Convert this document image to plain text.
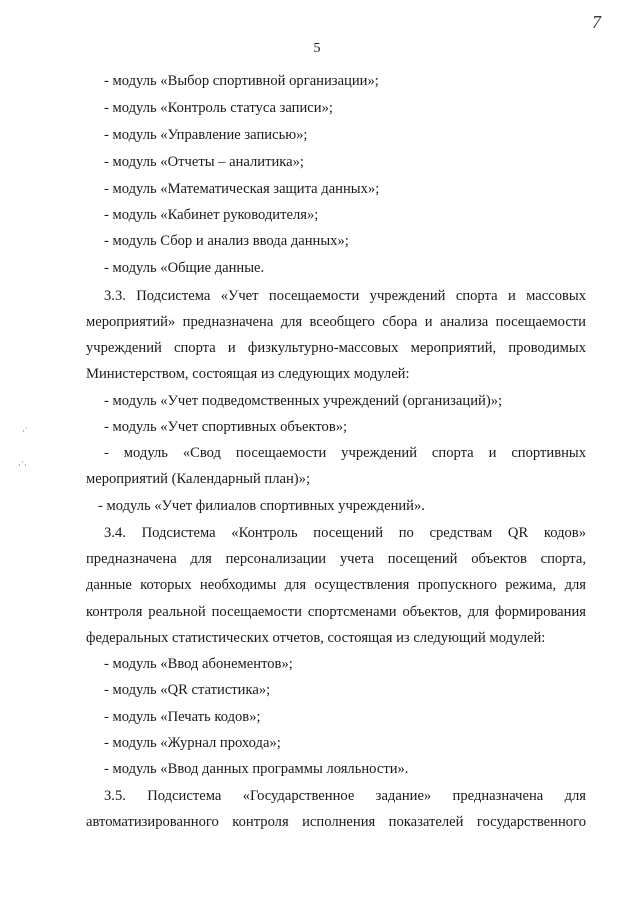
7
5
- модуль «Выбор спортивной организации»;
- модуль «Контроль статуса записи»;
- модуль «Управление записью»;
- модуль «Отчеты – аналитика»;
- модуль «Математическая защита данных»;
- модуль «Кабинет руководителя»;
- модуль Сбор и анализ ввода данных»;
- модуль «Общие данные.
3.3. Подсистема «Учет посещаемости учреждений спорта и массовых
мероприятий» предназначена для всеобщего сбора и анализа посещаемости
учреждений спорта и физкультурно-массовых мероприятий, проводимых
Министерством, состоящая из следующих модулей:
- модуль «Учет подведомственных учреждений (организаций)»;
- модуль «Учет спортивных объектов»;
- модуль «Свод посещаемости учреждений спорта и спортивных
мероприятий (Календарный план)»;
- модуль «Учет филиалов спортивных учреждений».
3.4. Подсистема «Контроль посещений по средствам QR кодов»
предназначена для персонализации учета посещений объектов спорта,
данные которых необходимы для осуществления пропускного режима, для
контроля реальной посещаемости спортсменами объектов, для формирования
федеральных статистических отчетов, состоящая из следующий модулей:
- модуль «Ввод абонементов»;
- модуль «QR статистика»;
- модуль «Печать кодов»;
- модуль «Журнал прохода»;
- модуль «Ввод данных программы лояльности».
3.5. Подсистема «Государственное задание» предназначена для
автоматизированного контроля исполнения показателей государственного
·˙
·˙·
